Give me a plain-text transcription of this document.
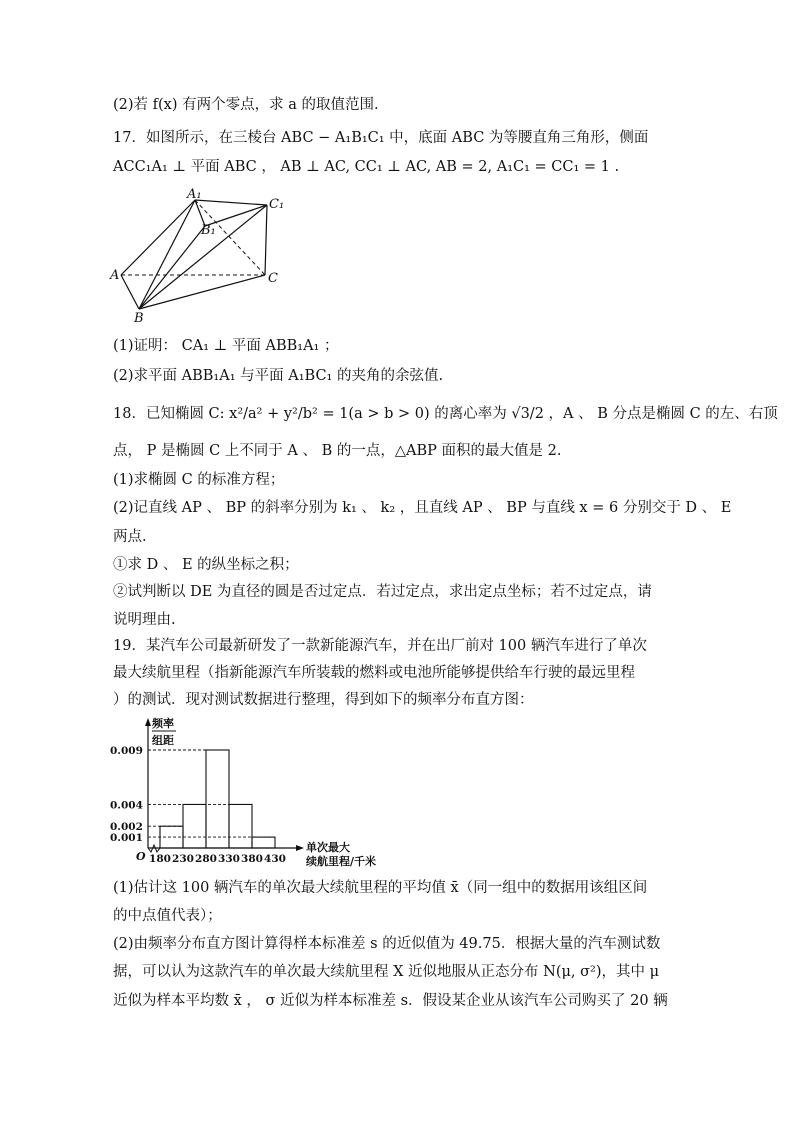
(2)若 f(x) 有两个零点，求 a 的取值范围.
17．如图所示，在三棱台 ABC − A₁B₁C₁ 中，底面 ABC 为等腰直角三角形，侧面
ACC₁A₁ ⊥ 平面 ABC ， AB ⊥ AC, CC₁ ⊥ AC, AB = 2, A₁C₁ = CC₁ = 1 .
A₁
C₁
B₁
A	C
B
(1)证明： CA₁ ⊥ 平面 ABB₁A₁ ；
(2)求平面 ABB₁A₁ 与平面 A₁BC₁ 的夹角的余弦值.
18．已知椭圆 C: x²/a² + y²/b² = 1(a > b > 0) 的离心率为 √3/2 ，A 、 B 分点是椭圆 C 的左、右顶
点， P 是椭圆 C 上不同于 A 、 B 的一点，△ABP 面积的最大值是 2.
(1)求椭圆 C 的标准方程；
(2)记直线 AP 、 BP 的斜率分别为 k₁ 、 k₂ ，且直线 AP 、 BP 与直线 x = 6 分别交于 D 、 E
两点.
①求 D 、 E 的纵坐标之积；
②试判断以 DE 为直径的圆是否过定点．若过定点，求出定点坐标；若不过定点，请
说明理由.
19．某汽车公司最新研发了一款新能源汽车，并在出厂前对 100 辆汽车进行了单次
最大续航里程（指新能源汽车所装载的燃料或电池所能够提供给车行驶的最远里程
）的测试．现对测试数据进行整理，得到如下的频率分布直方图：
0.009
0.004
0.002
0.001
180 230 280 330 380 430
O
频率
组距
单次最大
续航里程/千米
(1)估计这 100 辆汽车的单次最大续航里程的平均值 x̄（同一组中的数据用该组区间
的中点值代表）；
(2)由频率分布直方图计算得样本标准差 s 的近似值为 49.75．根据大量的汽车测试数
据，可以认为这款汽车的单次最大续航里程 X 近似地服从正态分布 N(μ, σ²)，其中 μ
近似为样本平均数 x̄ ， σ 近似为样本标准差 s．假设某企业从该汽车公司购买了 20 辆
